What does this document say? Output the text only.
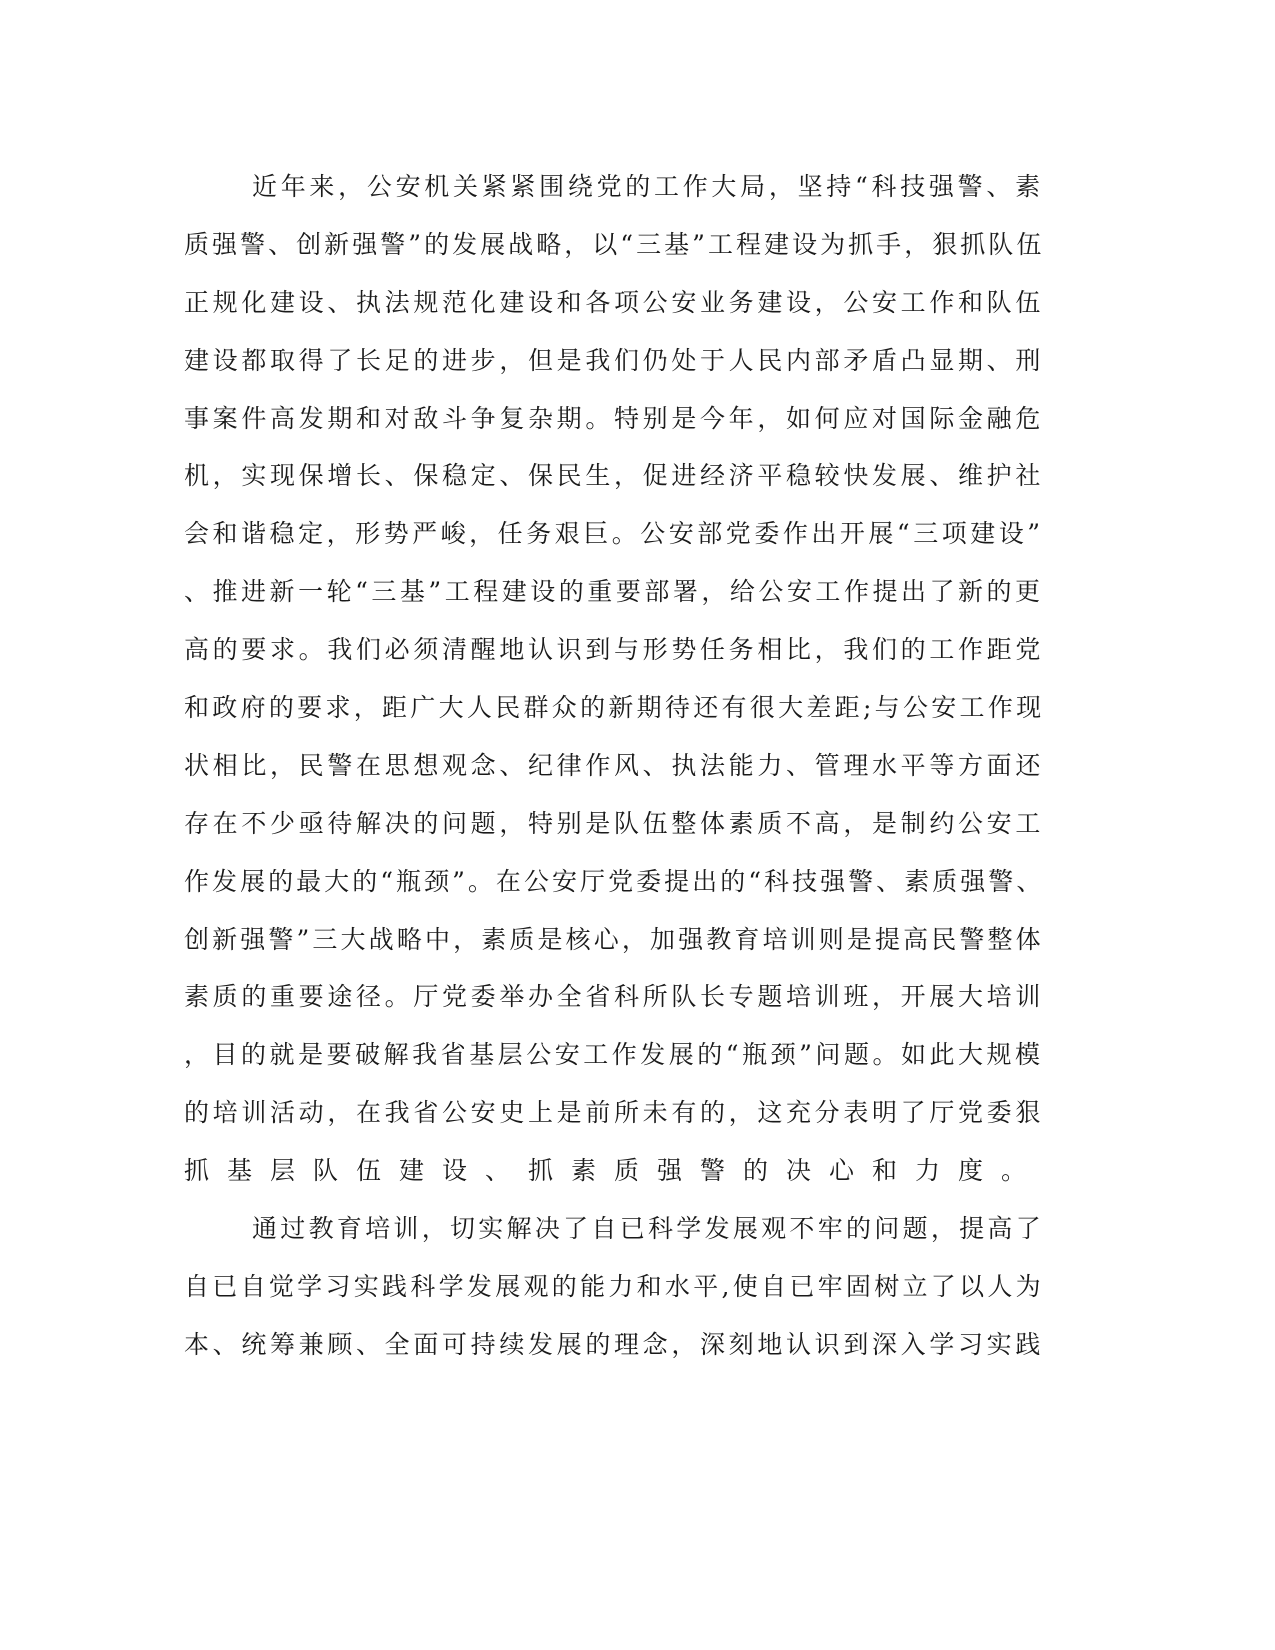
近年来，公安机关紧紧围绕党的工作大局，坚持“科技强警、素
质强警、创新强警”的发展战略，以“三基”工程建设为抓手，狠抓队伍
正规化建设、执法规范化建设和各项公安业务建设，公安工作和队伍
建设都取得了长足的进步，但是我们仍处于人民内部矛盾凸显期、刑
事案件高发期和对敌斗争复杂期。特别是今年，如何应对国际金融危
机，实现保增长、保稳定、保民生，促进经济平稳较快发展、维护社
会和谐稳定，形势严峻，任务艰巨。公安部党委作出开展“三项建设”
、推进新一轮“三基”工程建设的重要部署，给公安工作提出了新的更
高的要求。我们必须清醒地认识到与形势任务相比，我们的工作距党
和政府的要求，距广大人民群众的新期待还有很大差距;与公安工作现
状相比，民警在思想观念、纪律作风、执法能力、管理水平等方面还
存在不少亟待解决的问题，特别是队伍整体素质不高，是制约公安工
作发展的最大的“瓶颈”。在公安厅党委提出的“科技强警、素质强警、
创新强警”三大战略中，素质是核心，加强教育培训则是提高民警整体
素质的重要途径。厅党委举办全省科所队长专题培训班，开展大培训
，目的就是要破解我省基层公安工作发展的“瓶颈”问题。如此大规模
的培训活动，在我省公安史上是前所未有的，这充分表明了厅党委狠
抓基层队伍建设、抓素质强警的决心和力度。
通过教育培训，切实解决了自已科学发展观不牢的问题，提高了
自已自觉学习实践科学发展观的能力和水平,使自已牢固树立了以人为
本、统筹兼顾、全面可持续发展的理念，深刻地认识到深入学习实践
